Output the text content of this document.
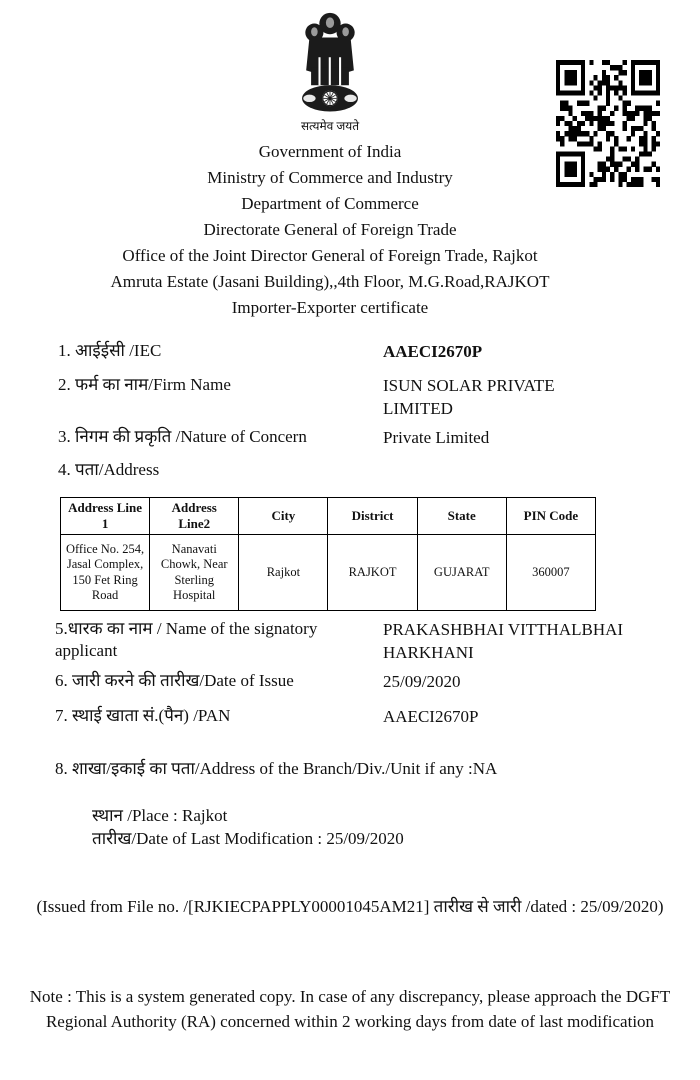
सत्यमेव जयते
Government of India
Ministry of Commerce and Industry
Department of Commerce
Directorate General of Foreign Trade
Office of the Joint Director General of Foreign Trade, Rajkot
Amruta Estate (Jasani Building),,4th Floor, M.G.Road,RAJKOT
Importer-Exporter certificate
1. आईईसी /IEC	AAECI2670P
2. फर्म का नाम/Firm Name	ISUN SOLAR PRIVATE LIMITED
3. निगम की प्रकृति /Nature of Concern	Private Limited
4. पता/Address
Address Line 1	Address Line2	City	District	State	PIN Code
Office No. 254, Jasal Complex, 150 Fet Ring Road	Nanavati Chowk, Near Sterling Hospital	Rajkot	RAJKOT	GUJARAT	360007
5.धारक का नाम / Name of the signatory applicant
PRAKASHBHAI VITTHALBHAI HARKHANI
6. जारी करने की तारीख/Date of Issue	25/09/2020
7. स्थाई खाता सं.(पैन) /PAN	AAECI2670P
8. शाखा/इकाई का पता/Address of the Branch/Div./Unit if any :NA
स्थान /Place : Rajkot
तारीख/Date of Last Modification : 25/09/2020
(Issued from File no. /[RJKIECPAPPLY00001045AM21] तारीख से जारी /dated : 25/09/2020)
Note : This is a system generated copy. In case of any discrepancy, please approach the DGFT Regional Authority (RA) concerned within 2 working days from date of last modification
